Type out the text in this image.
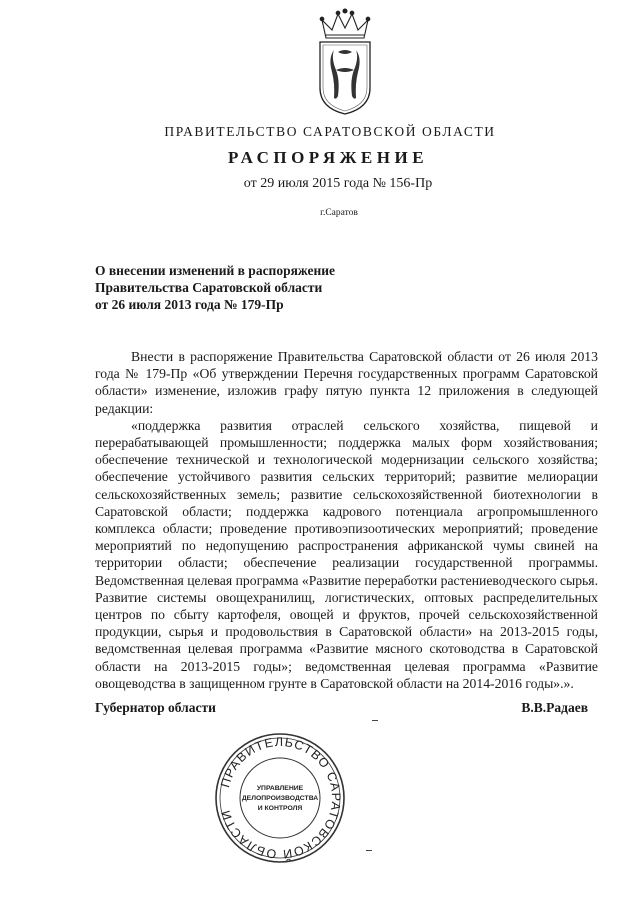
ПРАВИТЕЛЬСТВО САРАТОВСКОЙ ОБЛАСТИ
РАСПОРЯЖЕНИЕ
от 29 июля 2015 года № 156-Пр
г.Саратов
О внесении изменений в распоряжение
Правительства Саратовской области
от 26 июля 2013 года № 179-Пр

Внести в распоряжение Правительства Саратовской области от 26 июля 2013 года № 179-Пр «Об утверждении Перечня государственных программ Саратовской области» изменение, изложив графу пятую пункта 12 приложения в следующей редакции:

«поддержка развития отраслей сельского хозяйства, пищевой и перерабатывающей промышленности; поддержка малых форм хозяйствования; обеспечение технической и технологической модернизации сельского хозяйства; обеспечение устойчивого развития сельских территорий; развитие мелиорации сельскохозяйственных земель; развитие сельскохозяйственной биотехнологии в Саратовской области; поддержка кадрового потенциала агропромышленного комплекса области; проведение противоэпизоотических мероприятий; проведение мероприятий по недопущению распространения африканской чумы свиней на территории области; обеспечение реализации государственной программы. Ведомственная целевая программа «Развитие переработки растениеводческого сырья. Развитие системы овощехранилищ, логистических, оптовых распределительных центров по сбыту картофеля, овощей и фруктов, прочей сельскохозяйственной продукции, сырья и продовольствия в Саратовской области» на 2013-2015 годы, ведомственная целевая программа «Развитие мясного скотоводства в Саратовской области на 2013-2015 годы»; ведомственная целевая программа «Развитие овощеводства в защищенном грунте в Саратовской области на 2014-2016 годы».».

ПРАВИТЕЛЬСТВО САРАТОВСКОЙ ОБЛАСТИ
УПРАВЛЕНИЕ
ДЕЛОПРОИЗВОДСТВА
И КОНТРОЛЯ
Губернатор области	В.В.Радаев
